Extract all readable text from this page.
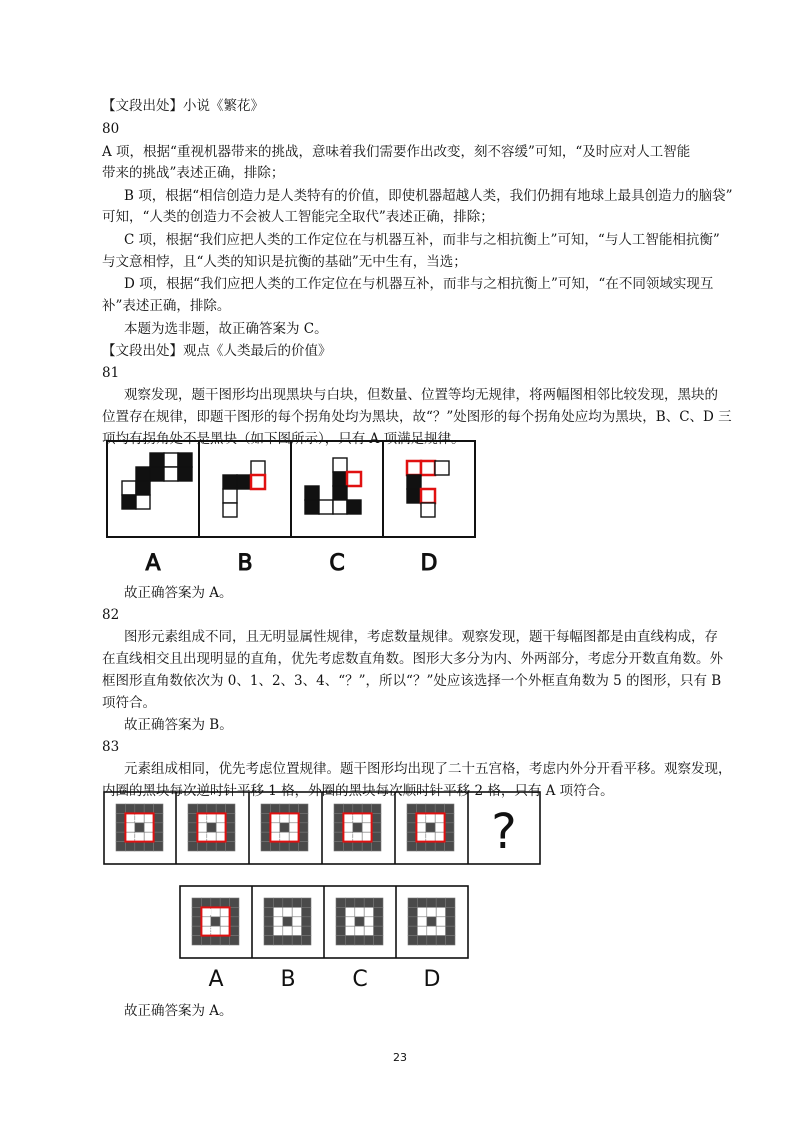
【文段出处】小说《繁花》
80
A 项，根据“重视机器带来的挑战，意味着我们需要作出改变，刻不容缓”可知，“及时应对人工智能
带来的挑战”表述正确，排除；
B 项，根据“相信创造力是人类特有的价值，即使机器超越人类，我们仍拥有地球上最具创造力的脑袋”
可知，“人类的创造力不会被人工智能完全取代”表述正确，排除；
C 项，根据“我们应把人类的工作定位在与机器互补，而非与之相抗衡上”可知，“与人工智能相抗衡”
与文意相悖，且“人类的知识是抗衡的基础”无中生有，当选；
D 项，根据“我们应把人类的工作定位在与机器互补，而非与之相抗衡上”可知，“在不同领域实现互
补”表述正确，排除。
本题为选非题，故正确答案为 C。
【文段出处】观点《人类最后的价值》
81
观察发现，题干图形均出现黑块与白块，但数量、位置等均无规律，将两幅图相邻比较发现，黑块的
位置存在规律，即题干图形的每个拐角处均为黑块，故“？”处图形的每个拐角处应均为黑块，B、C、D 三
项均有拐角处不是黑块（如下图所示），只有 A 项满足规律。
故正确答案为 A。
82
图形元素组成不同，且无明显属性规律，考虑数量规律。观察发现，题干每幅图都是由直线构成，存
在直线相交且出现明显的直角，优先考虑数直角数。图形大多分为内、外两部分，考虑分开数直角数。外
框图形直角数依次为 0、1、2、3、4、“？”，所以“？”处应该选择一个外框直角数为 5 的图形，只有 B
项符合。
故正确答案为 B。
83
元素组成相同，优先考虑位置规律。题干图形均出现了二十五宫格，考虑内外分开看平移。观察发现，
内圈的黑块每次逆时针平移 1 格，外圈的黑块每次顺时针平移 2 格，只有 A 项符合。
故正确答案为 A。
A	B	C	D
3
1
2
3
1
2
1
2
3
3
1
2
1
2
3 ?
1
2
3
A	B	C	D
23
